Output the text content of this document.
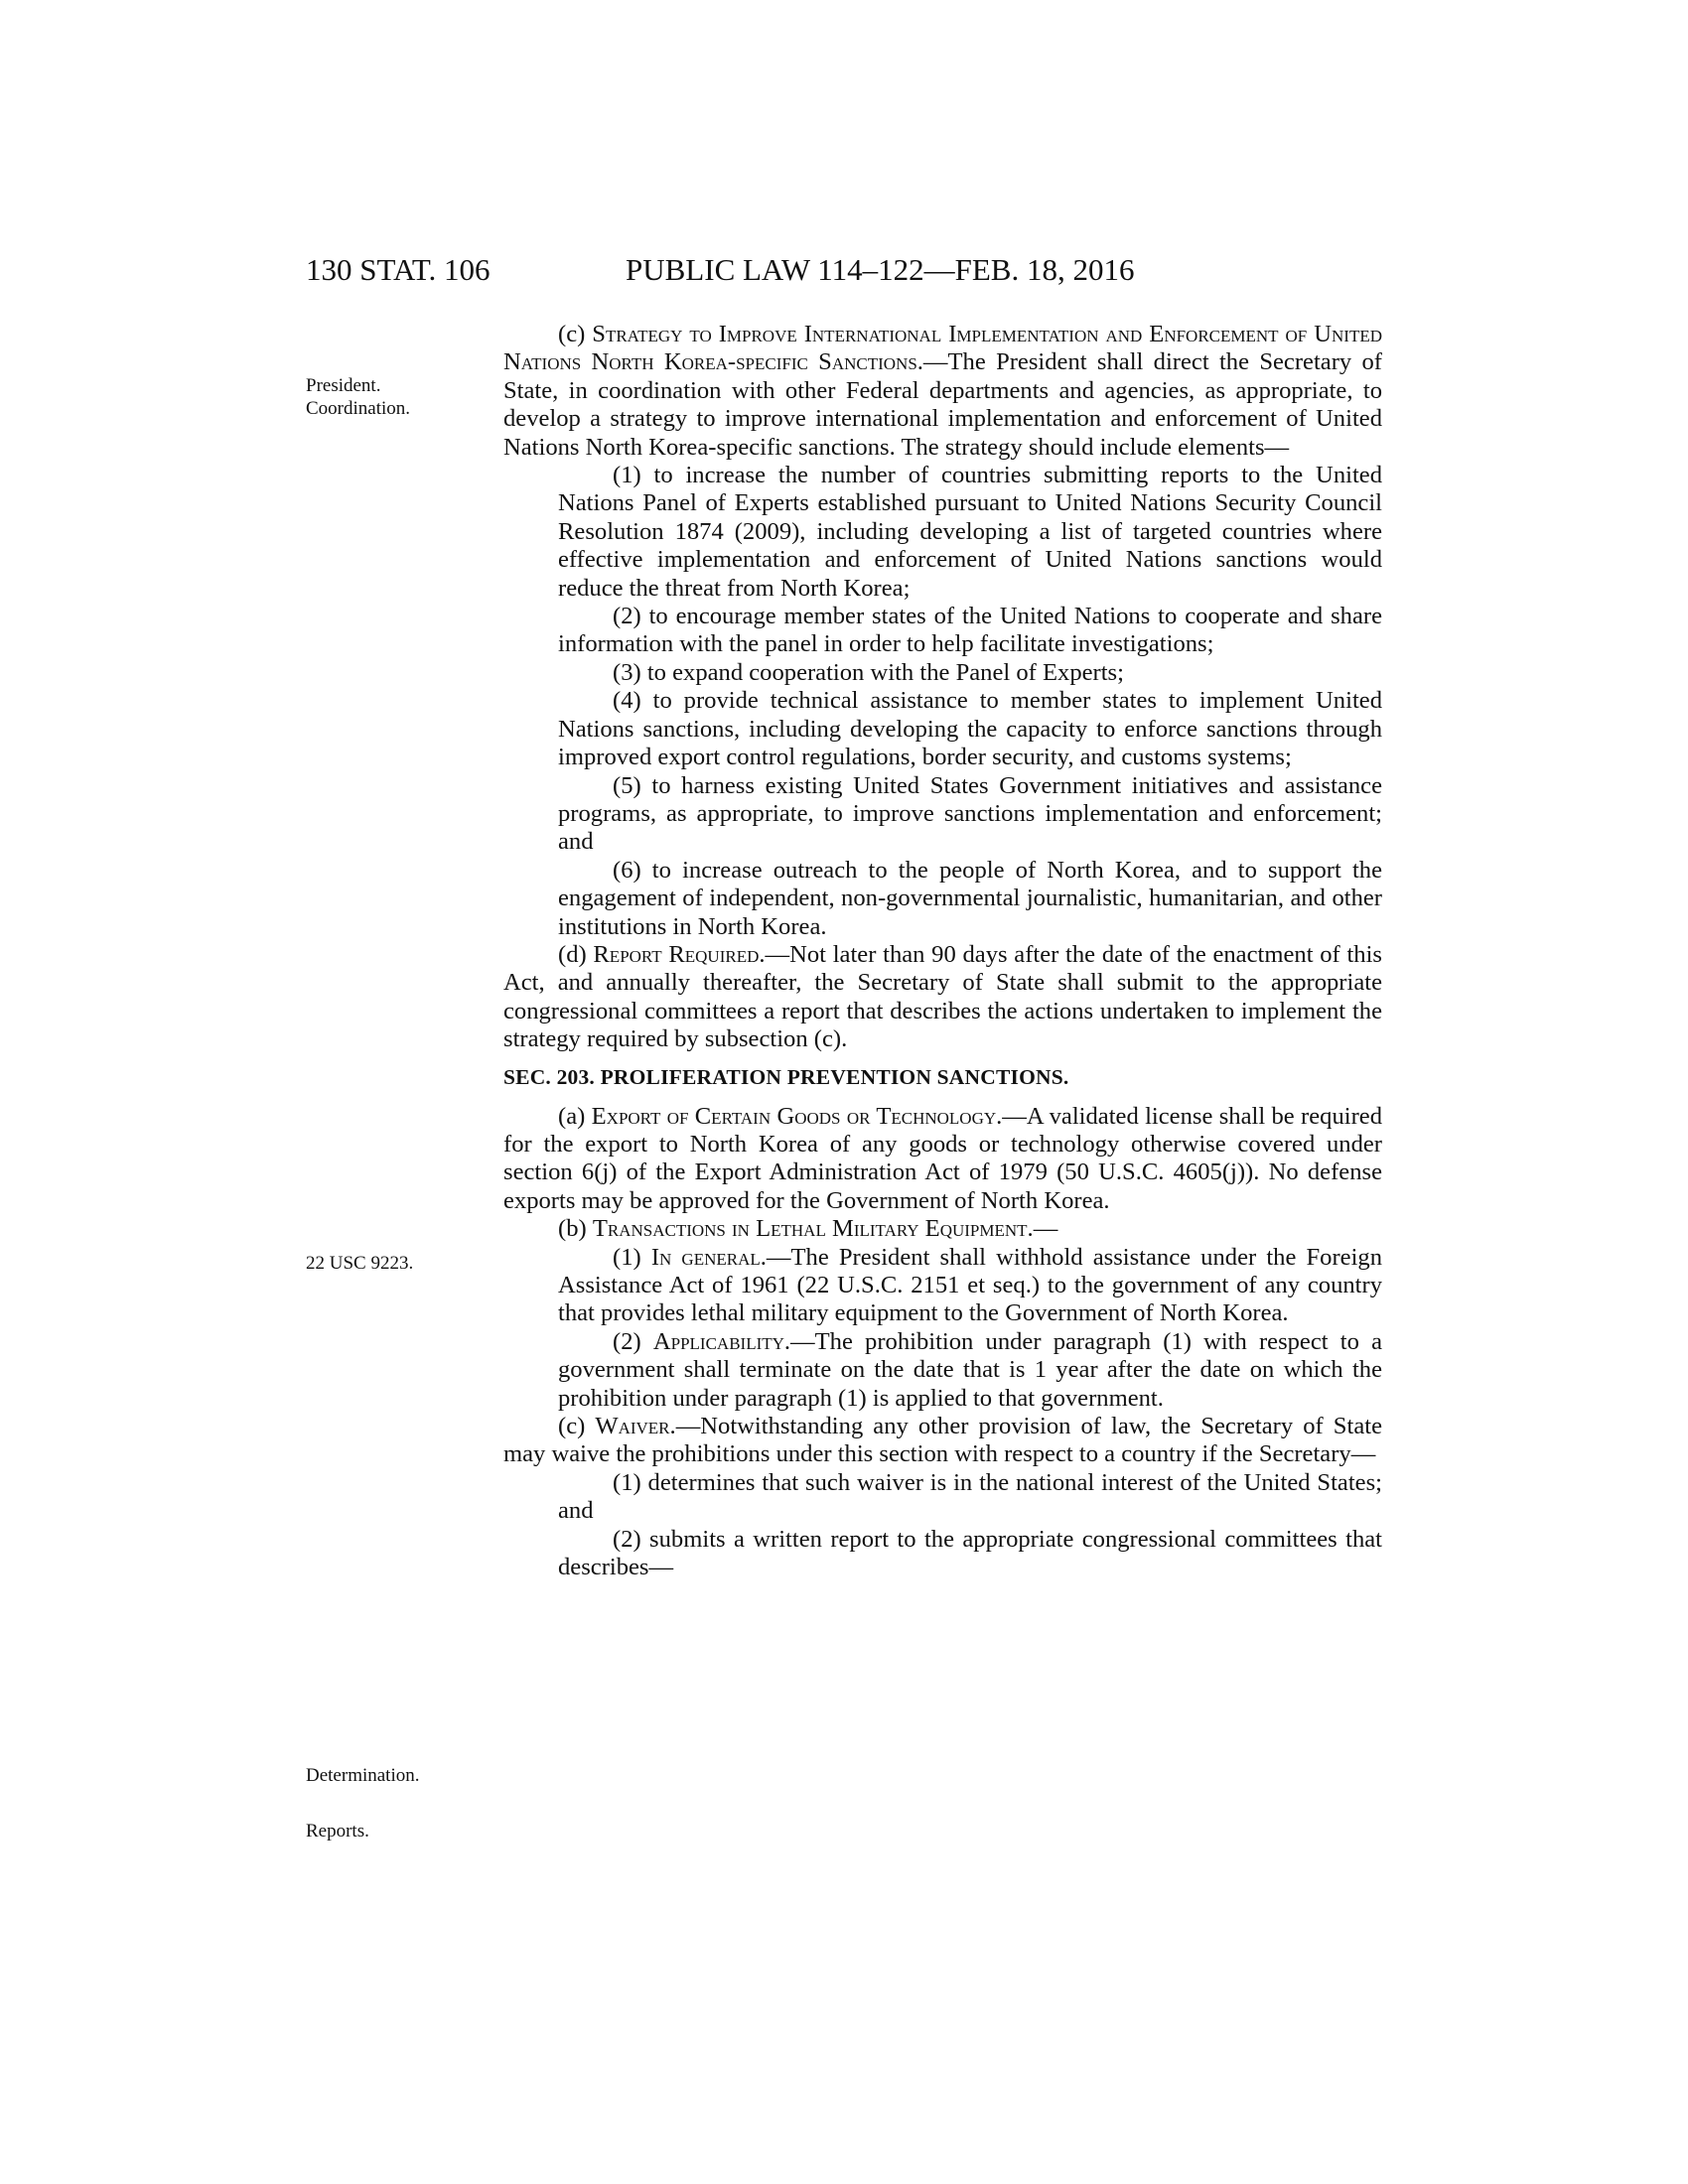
130 STAT. 106	PUBLIC LAW 114–122—FEB. 18, 2016
President.
Coordination.
22 USC 9223.
Determination.
Reports.

(c) Strategy to Improve International Implementation and Enforcement of United Nations North Korea-specific Sanctions.—The President shall direct the Secretary of State, in coordination with other Federal departments and agencies, as appropriate, to develop a strategy to improve international implementation and enforcement of United Nations North Korea-specific sanctions. The strategy should include elements—

(1) to increase the number of countries submitting reports to the United Nations Panel of Experts established pursuant to United Nations Security Council Resolution 1874 (2009), including developing a list of targeted countries where effective implementation and enforcement of United Nations sanctions would reduce the threat from North Korea;

(2) to encourage member states of the United Nations to cooperate and share information with the panel in order to help facilitate investigations;

(3) to expand cooperation with the Panel of Experts;

(4) to provide technical assistance to member states to implement United Nations sanctions, including developing the capacity to enforce sanctions through improved export control regulations, border security, and customs systems;

(5) to harness existing United States Government initiatives and assistance programs, as appropriate, to improve sanctions implementation and enforcement; and

(6) to increase outreach to the people of North Korea, and to support the engagement of independent, non-governmental journalistic, humanitarian, and other institutions in North Korea.

(d) Report Required.—Not later than 90 days after the date of the enactment of this Act, and annually thereafter, the Secretary of State shall submit to the appropriate congressional committees a report that describes the actions undertaken to implement the strategy required by subsection (c).

SEC. 203. PROLIFERATION PREVENTION SANCTIONS.

(a) Export of Certain Goods or Technology.—A validated license shall be required for the export to North Korea of any goods or technology otherwise covered under section 6(j) of the Export Administration Act of 1979 (50 U.S.C. 4605(j)). No defense exports may be approved for the Government of North Korea.

(b) Transactions in Lethal Military Equipment.—

(1) In general.—The President shall withhold assistance under the Foreign Assistance Act of 1961 (22 U.S.C. 2151 et seq.) to the government of any country that provides lethal military equipment to the Government of North Korea.

(2) Applicability.—The prohibition under paragraph (1) with respect to a government shall terminate on the date that is 1 year after the date on which the prohibition under paragraph (1) is applied to that government.

(c) Waiver.—Notwithstanding any other provision of law, the Secretary of State may waive the prohibitions under this section with respect to a country if the Secretary—

(1) determines that such waiver is in the national interest of the United States; and

(2) submits a written report to the appropriate congressional committees that describes—
